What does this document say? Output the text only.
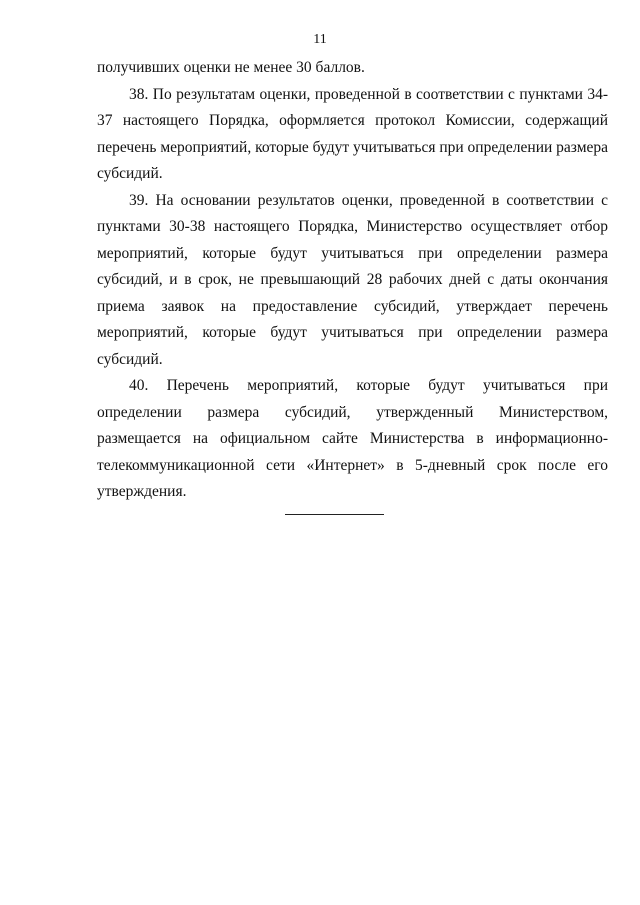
11

получивших оценки не менее 30 баллов.

38. По результатам оценки, проведенной в соответствии с пунктами 34-37 настоящего Порядка, оформляется протокол Комиссии, содержащий перечень мероприятий, которые будут учитываться при определении размера субсидий.

39. На основании результатов оценки, проведенной в соответствии с пунктами 30-38 настоящего Порядка, Министерство осуществляет отбор мероприятий, которые будут учитываться при определении размера субсидий, и в срок, не превышающий 28 рабочих дней с даты окончания приема заявок на предоставление субсидий, утверждает перечень мероприятий, которые будут учитываться при определении размера субсидий.

40. Перечень мероприятий, которые будут учитываться при определении размера субсидий, утвержденный Министерством, размещается на официальном сайте Министерства в информационно-телекоммуникационной сети «Интернет» в 5-дневный срок после его утверждения.
